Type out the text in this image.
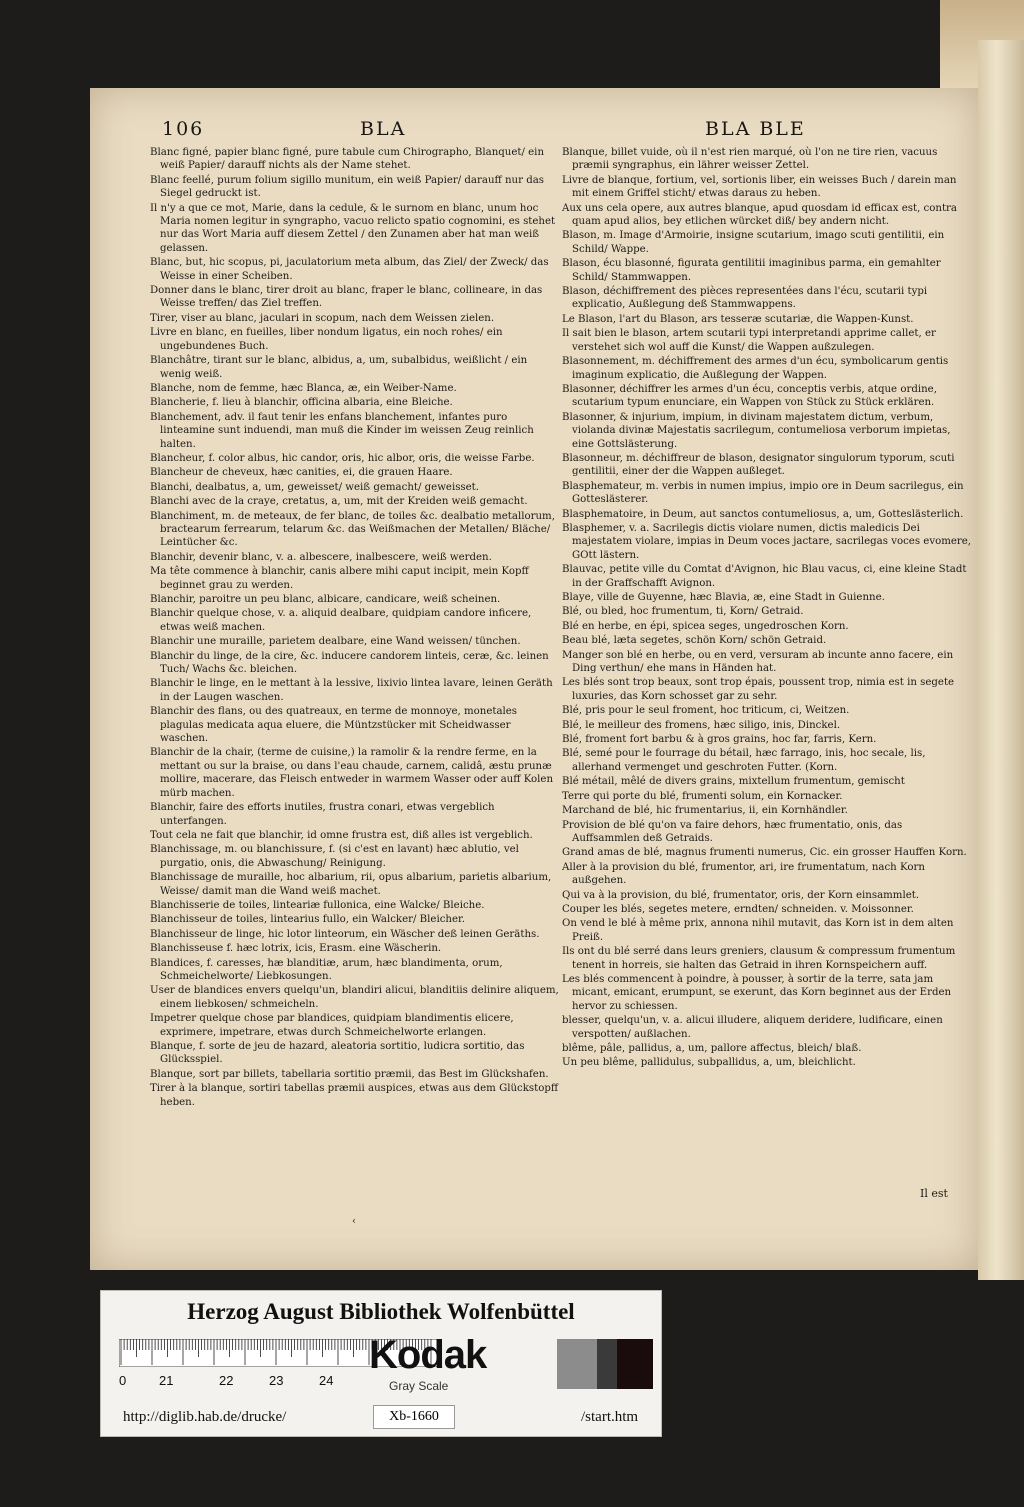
106	BLA	BLA BLE

Blanc figné, papier blanc figné, pure tabule cum Chirographo, Blanquet/ ein weiß Papier/ darauff nichts als der Name stehet.

Blanc feellé, purum folium sigillo munitum, ein weiß Papier/ darauff nur das Siegel gedruckt ist.

Il n'y a que ce mot, Marie, dans la cedule, & le surnom en blanc, unum hoc Maria nomen legitur in syngrapho, vacuo relicto spatio cognomini, es stehet nur das Wort Maria auff diesem Zettel / den Zunamen aber hat man weiß gelassen.

Blanc, but, hic scopus, pi, jaculatorium meta album, das Ziel/ der Zweck/ das Weisse in einer Scheiben.

Donner dans le blanc, tirer droit au blanc, fraper le blanc, collineare, in das Weisse treffen/ das Ziel treffen.

Tirer, viser au blanc, jaculari in scopum, nach dem Weissen zielen.

Livre en blanc, en fueilles, liber nondum ligatus, ein noch rohes/ ein ungebundenes Buch.

Blanchâtre, tirant sur le blanc, albidus, a, um, subalbidus, weißlicht / ein wenig weiß.

Blanche, nom de femme, hæc Blanca, æ, ein Weiber-Name.

Blancherie, f. lieu à blanchir, officina albaria, eine Bleiche.

Blanchement, adv. il faut tenir les enfans blanchement, infantes puro linteamine sunt induendi, man muß die Kinder im weissen Zeug reinlich halten.

Blancheur, f. color albus, hic candor, oris, hic albor, oris, die weisse Farbe.

Blancheur de cheveux, hæc canities, ei, die grauen Haare.

Blanchi, dealbatus, a, um, geweisset/ weiß gemacht/ geweisset.

Blanchi avec de la craye, cretatus, a, um, mit der Kreiden weiß gemacht.

Blanchiment, m. de meteaux, de fer blanc, de toiles &c. dealbatio metallorum, bractearum ferrearum, telarum &c. das Weißmachen der Metallen/ Bläche/ Leintücher &c.

Blanchir, devenir blanc, v. a. albescere, inalbescere, weiß werden.

Ma tête commence à blanchir, canis albere mihi caput incipit, mein Kopff beginnet grau zu werden.

Blanchir, paroitre un peu blanc, albicare, candicare, weiß scheinen.

Blanchir quelque chose, v. a. aliquid dealbare, quidpiam candore inficere, etwas weiß machen.

Blanchir une muraille, parietem dealbare, eine Wand weissen/ tünchen.

Blanchir du linge, de la cire, &c. inducere candorem linteis, ceræ, &c. leinen Tuch/ Wachs &c. bleichen.

Blanchir le linge, en le mettant à la lessive, lixivio lintea lavare, leinen Geräth in der Laugen waschen.

Blanchir des flans, ou des quatreaux, en terme de monnoye, monetales plagulas medicata aqua eluere, die Müntzstücker mit Scheidwasser waschen.

Blanchir de la chair, (terme de cuisine,) la ramolir & la rendre ferme, en la mettant ou sur la braise, ou dans l'eau chaude, carnem, calidâ, æstu prunæ mollire, macerare, das Fleisch entweder in warmem Wasser oder auff Kolen mürb machen.

Blanchir, faire des efforts inutiles, frustra conari, etwas vergeblich unterfangen.

Tout cela ne fait que blanchir, id omne frustra est, diß alles ist vergeblich.

Blanchissage, m. ou blanchissure, f. (si c'est en lavant) hæc ablutio, vel purgatio, onis, die Abwaschung/ Reinigung.

Blanchissage de muraille, hoc albarium, rii, opus albarium, parietis albarium, Weisse/ damit man die Wand weiß machet.

Blanchisserie de toiles, linteariæ fullonica, eine Walcke/ Bleiche.

Blanchisseur de toiles, lintearius fullo, ein Walcker/ Bleicher.

Blanchisseur de linge, hic lotor linteorum, ein Wäscher deß leinen Geräths.

Blanchisseuse f. hæc lotrix, icis, Erasm. eine Wäscherin.

Blandices, f. caresses, hæ blanditiæ, arum, hæc blandimenta, orum, Schmeichelworte/ Liebkosungen.

User de blandices envers quelqu'un, blandiri alicui, blanditiis delinire aliquem, einem liebkosen/ schmeicheln.

Impetrer quelque chose par blandices, quidpiam blandimentis elicere, exprimere, impetrare, etwas durch Schmeichelworte erlangen.

Blanque, f. sorte de jeu de hazard, aleatoria sortitio, ludicra sortitio, das Glücksspiel.

Blanque, sort par billets, tabellaria sortitio præmii, das Best im Glückshafen.

Tirer à la blanque, sortiri tabellas præmii auspices, etwas aus dem Glückstopff heben.

Blanque, billet vuide, où il n'est rien marqué, où l'on ne tire rien, vacuus præmii syngraphus, ein lährer weisser Zettel.

Livre de blanque, fortium, vel, sortionis liber, ein weisses Buch / darein man mit einem Griffel sticht/ etwas daraus zu heben.

Aux uns cela opere, aux autres blanque, apud quosdam id efficax est, contra quam apud alios, bey etlichen würcket diß/ bey andern nicht.

Blason, m. Image d'Armoirie, insigne scutarium, imago scuti gentilitii, ein Schild/ Wappe.

Blason, écu blasonné, figurata gentilitii imaginibus parma, ein gemahlter Schild/ Stammwappen.

Blason, déchiffrement des pièces representées dans l'écu, scutarii typi explicatio, Außlegung deß Stammwappens.

Le Blason, l'art du Blason, ars tesseræ scutariæ, die Wappen-Kunst.

Il sait bien le blason, artem scutarii typi interpretandi apprime callet, er verstehet sich wol auff die Kunst/ die Wappen außzulegen.

Blasonnement, m. déchiffrement des armes d'un écu, symbolicarum gentis imaginum explicatio, die Außlegung der Wappen.

Blasonner, déchiffrer les armes d'un écu, conceptis verbis, atque ordine, scutarium typum enunciare, ein Wappen von Stück zu Stück erklären.

Blasonner, & injurium, impium, in divinam majestatem dictum, verbum, violanda divinæ Majestatis sacrilegum, contumeliosa verborum impietas, eine Gottslästerung.

Blasonneur, m. déchiffreur de blason, designator singulorum typorum, scuti gentilitii, einer der die Wappen außleget.

Blasphemateur, m. verbis in numen impius, impio ore in Deum sacrilegus, ein Gotteslästerer.

Blasphematoire, in Deum, aut sanctos contumeliosus, a, um, Gotteslästerlich.

Blasphemer, v. a. Sacrilegis dictis violare numen, dictis maledicis Dei majestatem violare, impias in Deum voces jactare, sacrilegas voces evomere, GOtt lästern.

Blauvac, petite ville du Comtat d'Avignon, hic Blau vacus, ci, eine kleine Stadt in der Graffschafft Avignon.

Blaye, ville de Guyenne, hæc Blavia, æ, eine Stadt in Guienne.

Blé, ou bled, hoc frumentum, ti, Korn/ Getraid.

Blé en herbe, en épi, spicea seges, ungedroschen Korn.

Beau blé, læta segetes, schön Korn/ schön Getraid.

Manger son blé en herbe, ou en verd, versuram ab incunte anno facere, ein Ding verthun/ ehe mans in Händen hat.

Les blés sont trop beaux, sont trop épais, poussent trop, nimia est in segete luxuries, das Korn schosset gar zu sehr.

Blé, pris pour le seul froment, hoc triticum, ci, Weitzen.

Blé, le meilleur des fromens, hæc siligo, inis, Dinckel.

Blé, froment fort barbu & à gros grains, hoc far, farris, Kern.

Blé, semé pour le fourrage du bétail, hæc farrago, inis, hoc secale, lis, allerhand vermenget und geschroten Futter. (Korn.

Blé métail, mêlé de divers grains, mixtellum frumentum, gemischt

Terre qui porte du blé, frumenti solum, ein Kornacker.

Marchand de blé, hic frumentarius, ii, ein Kornhändler.

Provision de blé qu'on va faire dehors, hæc frumentatio, onis, das Auffsammlen deß Getraids.

Grand amas de blé, magnus frumenti numerus, Cic. ein grosser Hauffen Korn.

Aller à la provision du blé, frumentor, ari, ire frumentatum, nach Korn außgehen.

Qui va à la provision, du blé, frumentator, oris, der Korn einsammlet.

Couper les blés, segetes metere, erndten/ schneiden. v. Moissonner.

On vend le blé à même prix, annona nihil mutavit, das Korn ist in dem alten Preiß.

Ils ont du blé serré dans leurs greniers, clausum & compressum frumentum tenent in horreis, sie halten das Getraid in ihren Kornspeichern auff.

Les blés commencent à poindre, à pousser, à sortir de la terre, sata jam micant, emicant, erumpunt, se exerunt, das Korn beginnet aus der Erden hervor zu schiessen.

blesser, quelqu'un, v. a. alicui illudere, aliquem deridere, ludificare, einen verspotten/ außlachen.

blême, pâle, pallidus, a, um, pallore affectus, bleich/ blaß.

Un peu blême, pallidulus, subpallidus, a, um, bleichlicht.

Il est
‹
Herzog August Bibliothek Wolfenbüttel
0	21	22	23	24
Kodak
Gray Scale
http://diglib.hab.de/drucke/	Xb-1660	/start.htm
